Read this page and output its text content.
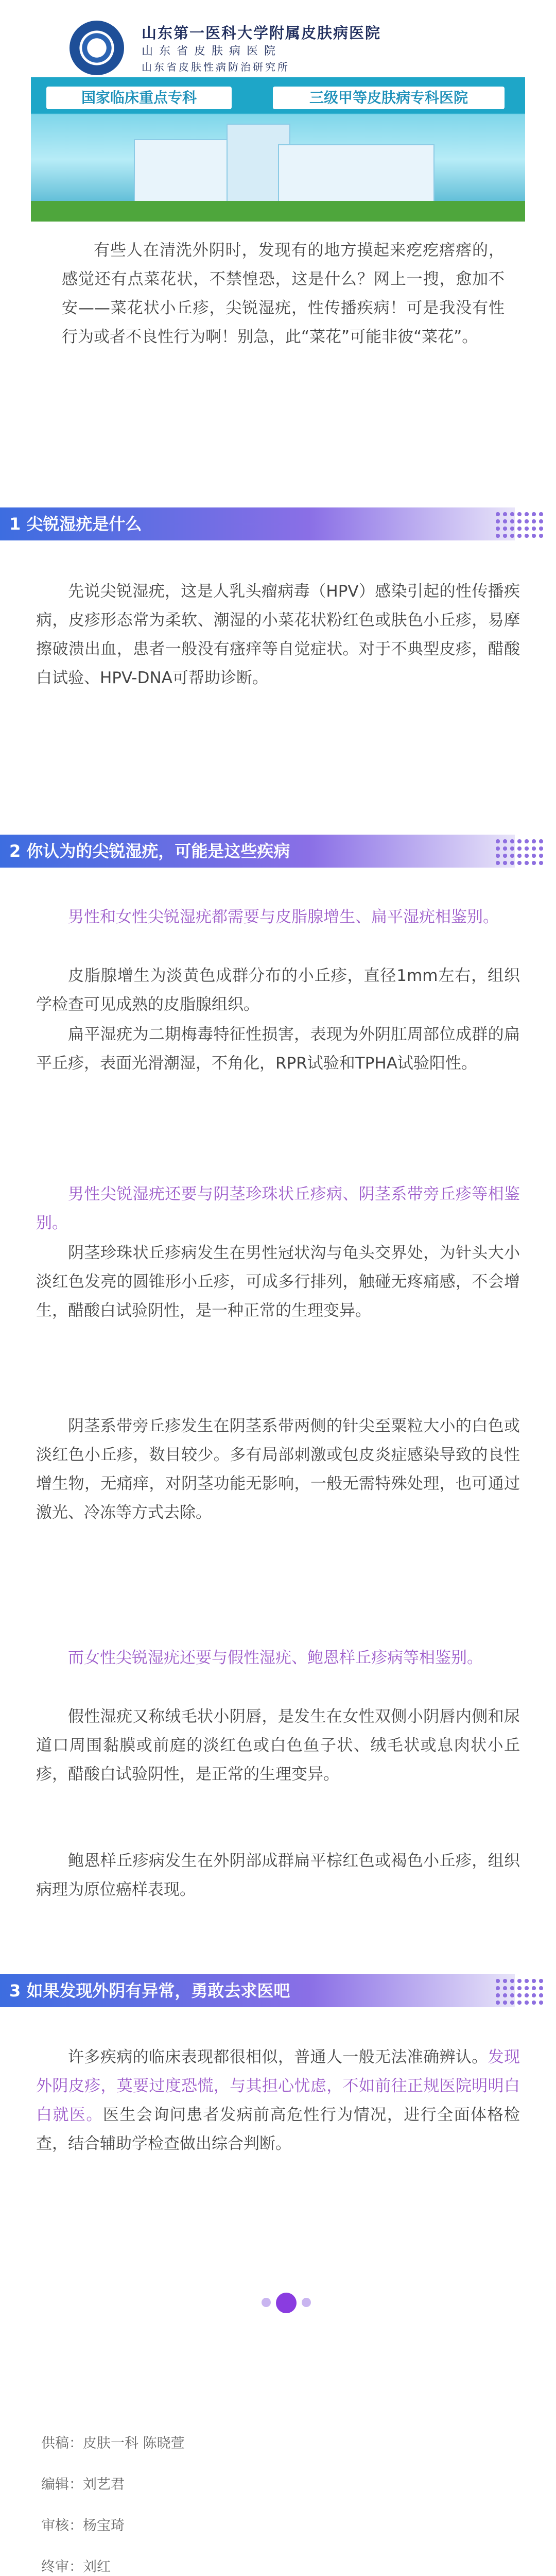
山东第一医科大学附属皮肤病医院
山东省皮肤病医院
山东省皮肤性病防治研究所
国家临床重点专科	三级甲等皮肤病专科医院
有些人在清洗外阴时，发现有的地方摸起来疙疙瘩瘩的，感觉还有点菜花状，不禁惶恐，这是什么？网上一搜，愈加不安——菜花状小丘疹，尖锐湿疣，性传播疾病！可是我没有性行为或者不良性行为啊！别急，此“菜花”可能非彼“菜花”。
1 尖锐湿疣是什么
先说尖锐湿疣，这是人乳头瘤病毒（HPV）感染引起的性传播疾病，皮疹形态常为柔软、潮湿的小菜花状粉红色或肤色小丘疹，易摩擦破溃出血，患者一般没有瘙痒等自觉症状。对于不典型皮疹，醋酸白试验、HPV-DNA可帮助诊断。
2 你认为的尖锐湿疣，可能是这些疾病
男性和女性尖锐湿疣都需要与皮脂腺增生、扁平湿疣相鉴别。
皮脂腺增生为淡黄色成群分布的小丘疹，直径1mm左右，组织学检查可见成熟的皮脂腺组织。
扁平湿疣为二期梅毒特征性损害，表现为外阴肛周部位成群的扁平丘疹，表面光滑潮湿，不角化，RPR试验和TPHA试验阳性。
男性尖锐湿疣还要与阴茎珍珠状丘疹病、阴茎系带旁丘疹等相鉴别。
阴茎珍珠状丘疹病发生在男性冠状沟与龟头交界处，为针头大小淡红色发亮的圆锥形小丘疹，可成多行排列，触碰无疼痛感，不会增生，醋酸白试验阴性，是一种正常的生理变异。
阴茎系带旁丘疹发生在阴茎系带两侧的针尖至粟粒大小的白色或淡红色小丘疹，数目较少。多有局部刺激或包皮炎症感染导致的良性增生物，无痛痒，对阴茎功能无影响，一般无需特殊处理，也可通过激光、冷冻等方式去除。
而女性尖锐湿疣还要与假性湿疣、鲍恩样丘疹病等相鉴别。
假性湿疣又称绒毛状小阴唇，是发生在女性双侧小阴唇内侧和尿道口周围黏膜或前庭的淡红色或白色鱼子状、绒毛状或息肉状小丘疹，醋酸白试验阴性，是正常的生理变异。
鲍恩样丘疹病发生在外阴部成群扁平棕红色或褐色小丘疹，组织病理为原位癌样表现。
3 如果发现外阴有异常，勇敢去求医吧
许多疾病的临床表现都很相似，普通人一般无法准确辨认。发现外阴皮疹，莫要过度恐慌，与其担心忧虑，不如前往正规医院明明白白就医。医生会询问患者发病前高危性行为情况，进行全面体格检查，结合辅助学检查做出综合判断。
供稿：皮肤一科 陈晓萱
编辑：刘艺君
审核：杨宝琦
终审：刘红
